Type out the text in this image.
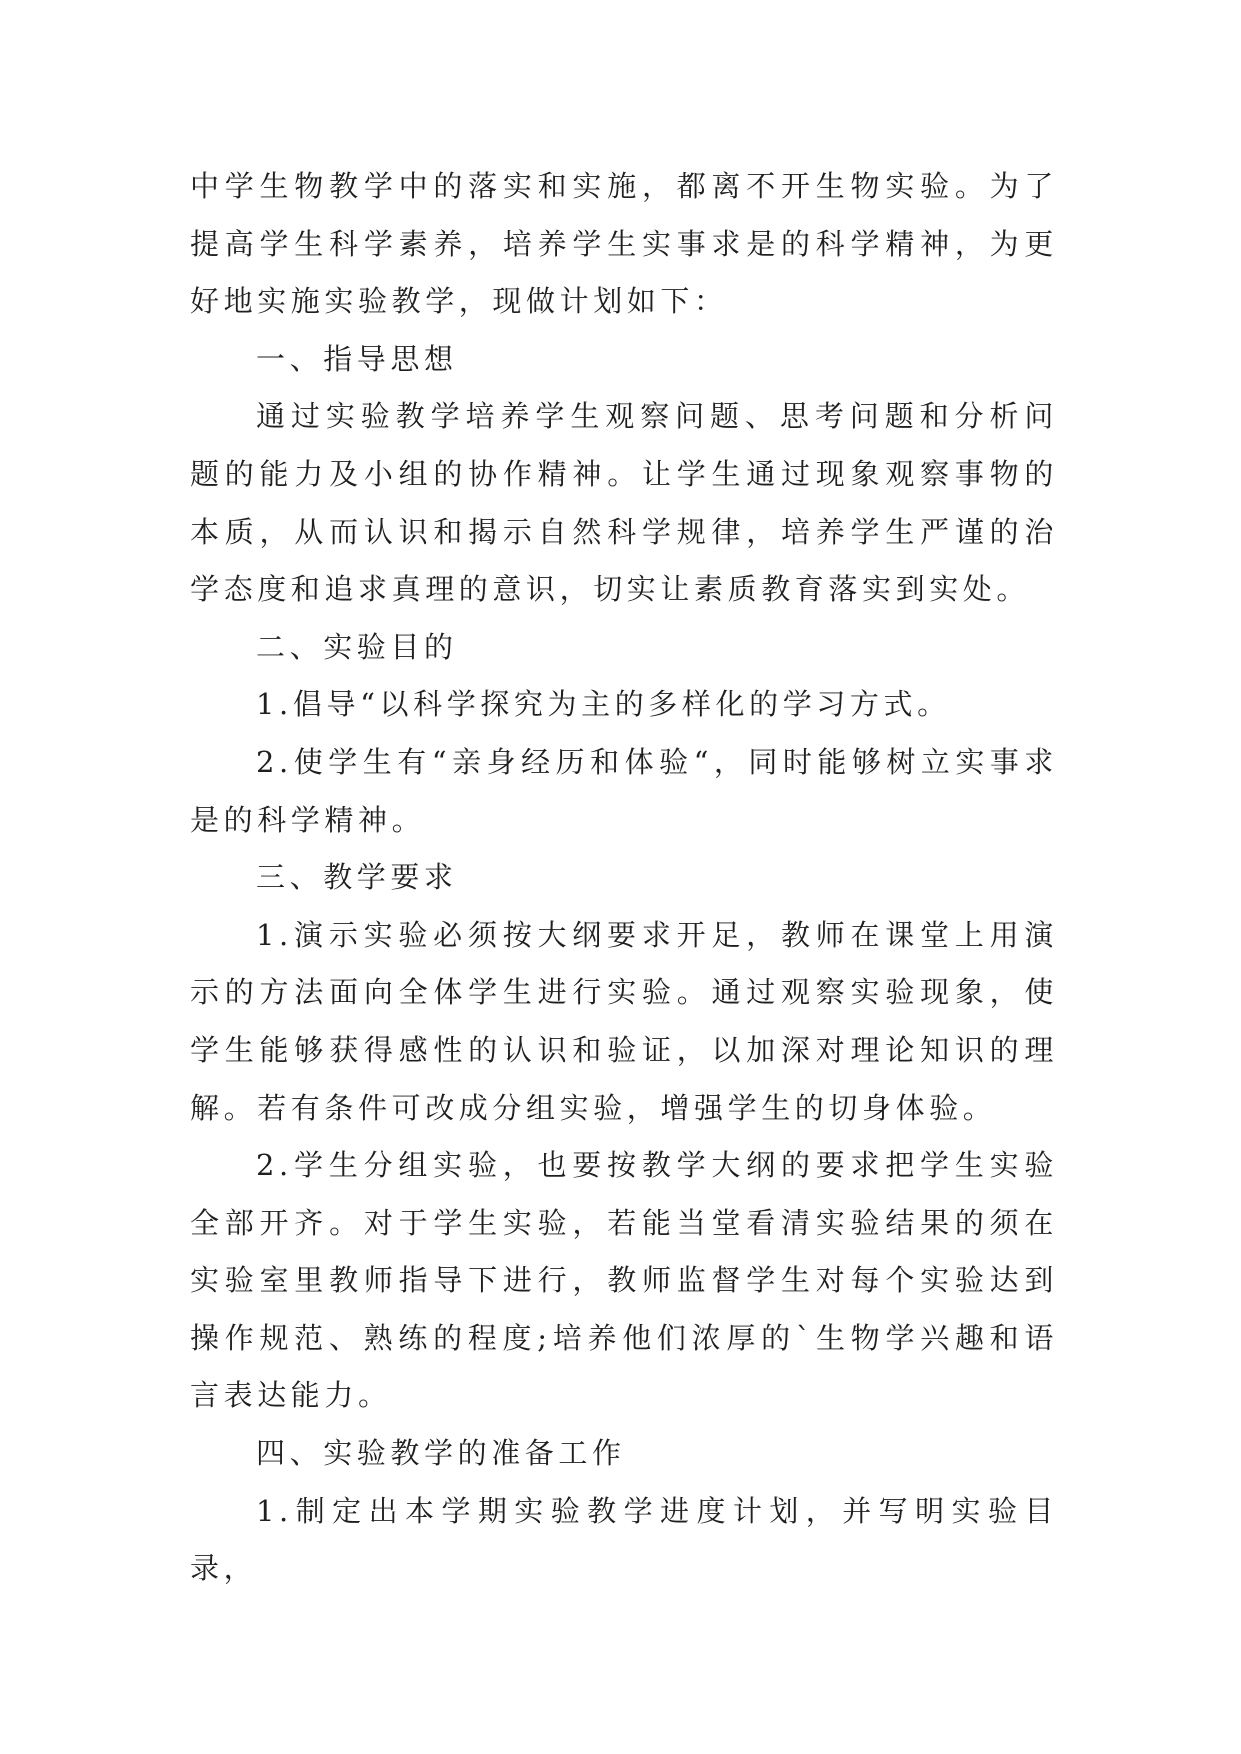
中学生物教学中的落实和实施，都离不开生物实验。为了提高学生科学素养，培养学生实事求是的科学精神，为更好地实施实验教学，现做计划如下：

一、指导思想

通过实验教学培养学生观察问题、思考问题和分析问题的能力及小组的协作精神。让学生通过现象观察事物的本质，从而认识和揭示自然科学规律，培养学生严谨的治学态度和追求真理的意识，切实让素质教育落实到实处。

二、实验目的

1.倡导“以科学探究为主的多样化的学习方式。

2.使学生有“亲身经历和体验“，同时能够树立实事求是的科学精神。

三、教学要求

1.演示实验必须按大纲要求开足，教师在课堂上用演示的方法面向全体学生进行实验。通过观察实验现象，使学生能够获得感性的认识和验证，以加深对理论知识的理解。若有条件可改成分组实验，增强学生的切身体验。

2.学生分组实验，也要按教学大纲的要求把学生实验全部开齐。对于学生实验，若能当堂看清实验结果的须在实验室里教师指导下进行，教师监督学生对每个实验达到操作规范、熟练的程度;培养他们浓厚的`生物学兴趣和语言表达能力。

四、实验教学的准备工作

1.制定出本学期实验教学进度计划，并写明实验目录，
